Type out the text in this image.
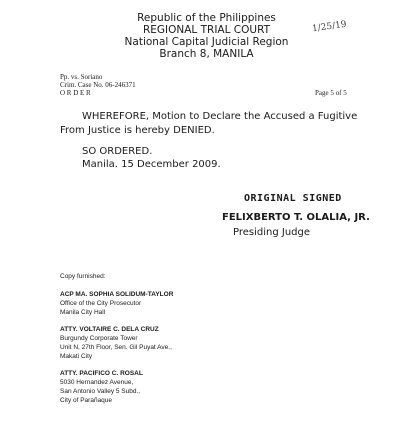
Republic of the Philippines
REGIONAL TRIAL COURT
National Capital Judicial Region
Branch 8, MANILA
1/25/19
Pp. vs. Soriano
Crim. Case No. 06-246371
O R D E R	Page 5 of 5
WHEREFORE, Motion to Declare the Accused a Fugitive
From Justice is hereby DENIED.
SO ORDERED.
Manila. 15 December 2009.
ORIGINAL SIGNED
FELIXBERTO T. OLALIA, JR.
Presiding Judge
Copy furnished:
ACP MA. SOPHIA SOLIDUM-TAYLOR
Office of the City Prosecutor
Manila City Hall
ATTY. VOLTAIRE C. DELA CRUZ
Burgundy Corporate Tower
Unit N, 27th Floor, Sen. Gil Puyat Ave.,
Makati City
ATTY. PACIFICO C. ROSAL
5030 Hernandez Avenue,
San Antonio Valley 5 Subd.,
City of Parañaque
